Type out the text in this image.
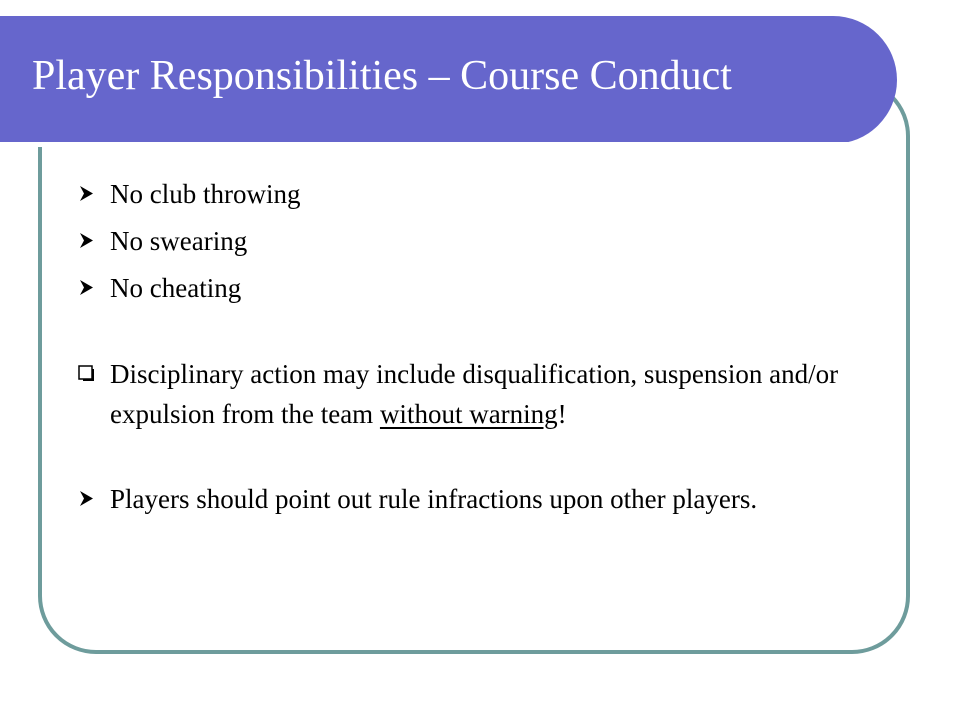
Player Responsibilities – Course Conduct
No club throwing
No swearing
No cheating
Disciplinary action may include disqualification, suspension and/or expulsion from the team without warning!
Players should point out rule infractions upon other players.
